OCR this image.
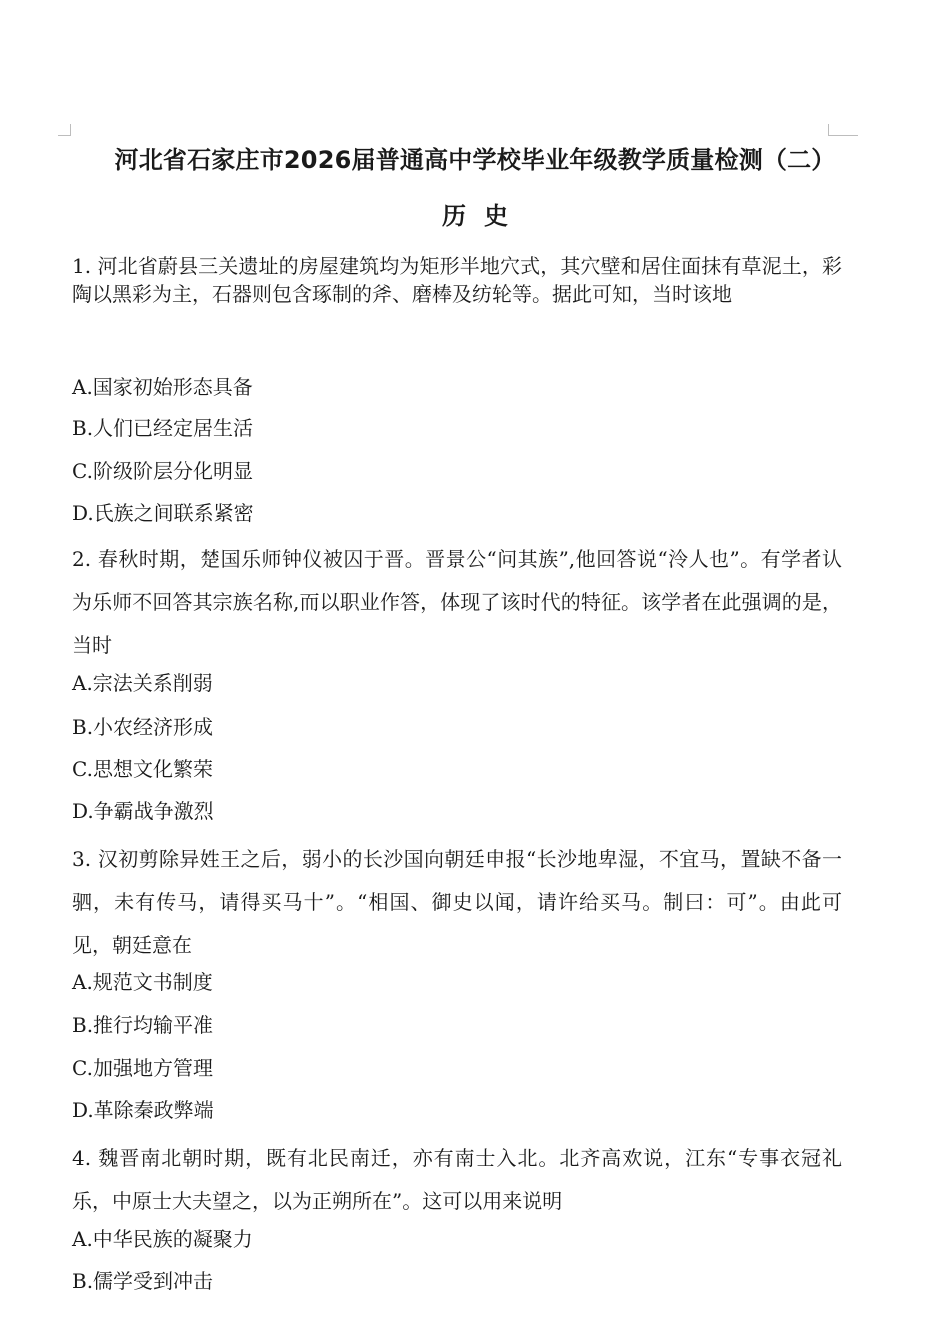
河北省石家庄市2026届普通高中学校毕业年级教学质量检测（二）
历史
1. 河北省蔚县三关遗址的房屋建筑均为矩形半地穴式，其穴壁和居住面抹有草泥土，彩陶以黑彩为主，石器则包含琢制的斧、磨棒及纺轮等。据此可知，当时该地
A.国家初始形态具备
B.人们已经定居生活
C.阶级阶层分化明显
D.氏族之间联系紧密
2. 春秋时期，楚国乐师钟仪被囚于晋。晋景公“问其族”,他回答说“泠人也”。有学者认为乐师不回答其宗族名称,而以职业作答，体现了该时代的特征。该学者在此强调的是，当时
A.宗法关系削弱
B.小农经济形成
C.思想文化繁荣
D.争霸战争激烈
3. 汉初剪除异姓王之后，弱小的长沙国向朝廷申报“长沙地卑湿，不宜马，置缺不备一驷，未有传马，请得买马十”。“相国、御史以闻，请许给买马。制曰：可”。由此可见，朝廷意在
A.规范文书制度
B.推行均输平准
C.加强地方管理
D.革除秦政弊端
4. 魏晋南北朝时期，既有北民南迁，亦有南士入北。北齐高欢说，江东“专事衣冠礼乐，中原士大夫望之，以为正朔所在”。这可以用来说明
A.中华民族的凝聚力
B.儒学受到冲击
